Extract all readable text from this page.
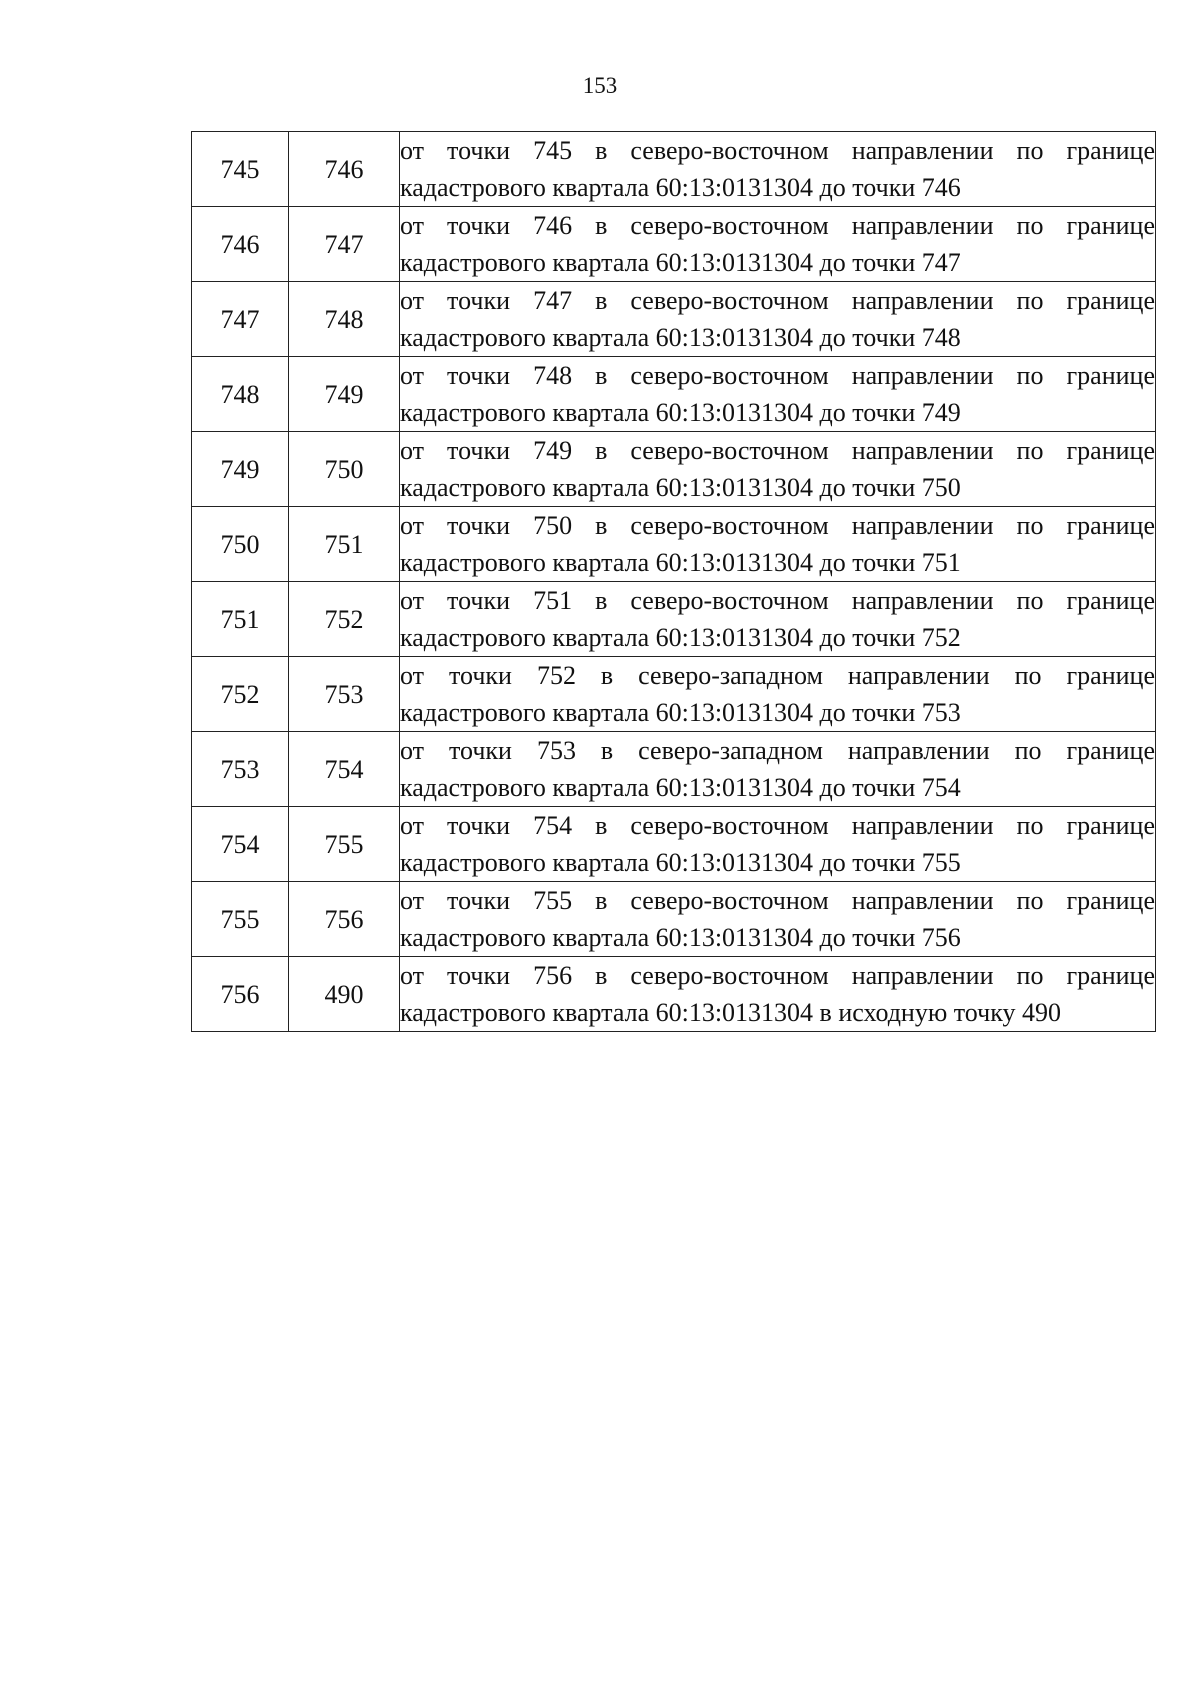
153
745	746	от точки 745 в северо-восточном направлении по границе
кадастрового квартала 60:13:0131304 до точки 746

746	747	от точки 746 в северо-восточном направлении по границе
кадастрового квартала 60:13:0131304 до точки 747

747	748	от точки 747 в северо-восточном направлении по границе
кадастрового квартала 60:13:0131304 до точки 748

748	749	от точки 748 в северо-восточном направлении по границе
кадастрового квартала 60:13:0131304 до точки 749

749	750	от точки 749 в северо-восточном направлении по границе
кадастрового квартала 60:13:0131304 до точки 750

750	751	от точки 750 в северо-восточном направлении по границе
кадастрового квартала 60:13:0131304 до точки 751

751	752	от точки 751 в северо-восточном направлении по границе
кадастрового квартала 60:13:0131304 до точки 752

752	753	от точки 752 в северо-западном направлении по границе
кадастрового квартала 60:13:0131304 до точки 753

753	754	от точки 753 в северо-западном направлении по границе
кадастрового квартала 60:13:0131304 до точки 754

754	755	от точки 754 в северо-восточном направлении по границе
кадастрового квартала 60:13:0131304 до точки 755

755	756	от точки 755 в северо-восточном направлении по границе
кадастрового квартала 60:13:0131304 до точки 756

756	490	от точки 756 в северо-восточном направлении по границе
кадастрового квартала 60:13:0131304 в исходную точку 490
